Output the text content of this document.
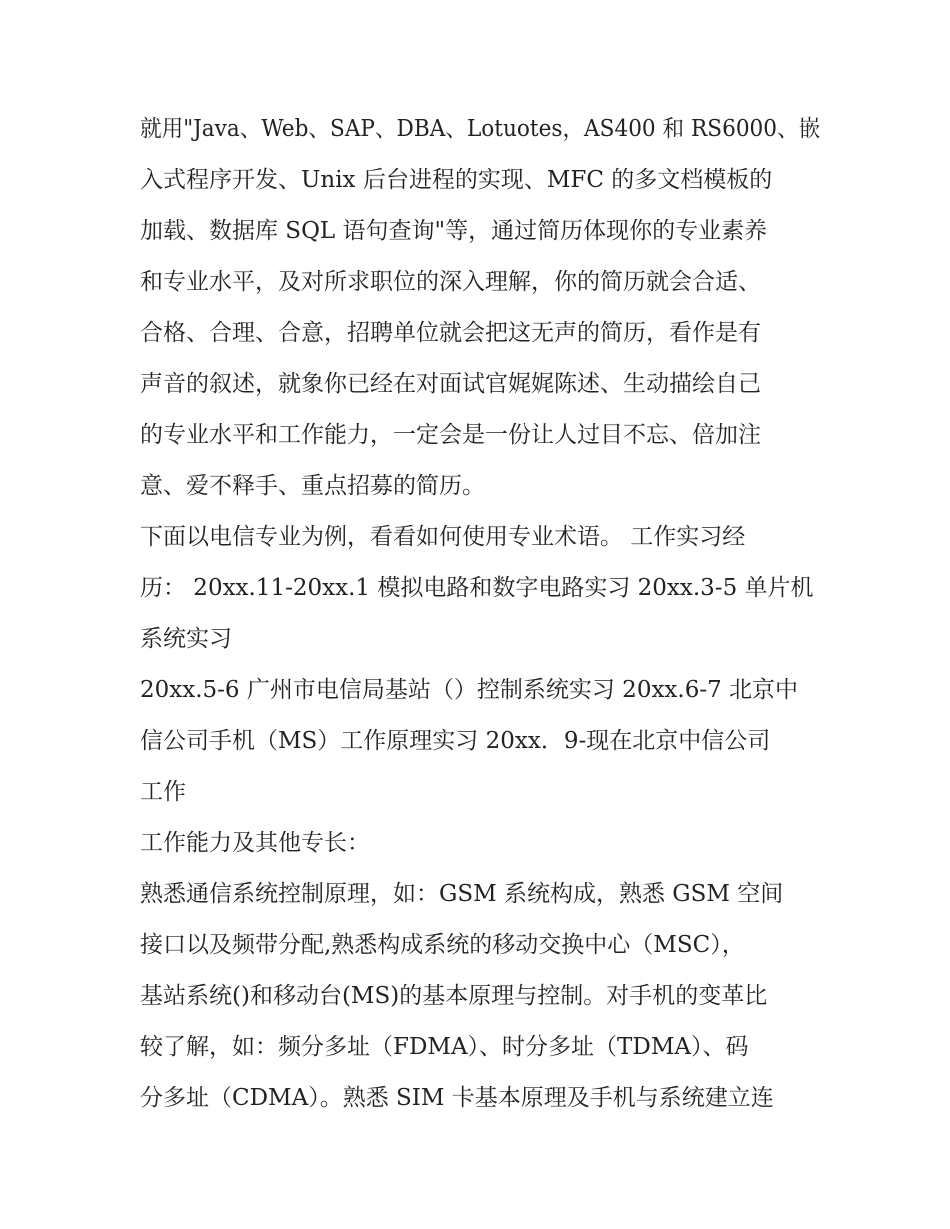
就用"Java、Web、SAP、DBA、Lotuotes，AS400 和 RS6000、嵌
入式程序开发、Unix 后台进程的实现、MFC 的多文档模板的
加载、数据库 SQL 语句查询"等，通过简历体现你的专业素养
和专业水平，及对所求职位的深入理解，你的简历就会合适、
合格、合理、合意，招聘单位就会把这无声的简历，看作是有
声音的叙述，就象你已经在对面试官娓娓陈述、生动描绘自己
的专业水平和工作能力，一定会是一份让人过目不忘、倍加注
意、爱不释手、重点招募的简历。
下面以电信专业为例，看看如何使用专业术语。 工作实习经
历： 20xx.11-20xx.1 模拟电路和数字电路实习 20xx.3-5 单片机
系统实习
20xx.5-6 广州市电信局基站（）控制系统实习 20xx.6-7 北京中
信公司手机（MS）工作原理实习 20xx．9-现在北京中信公司
工作
工作能力及其他专长：
熟悉通信系统控制原理，如：GSM 系统构成，熟悉 GSM 空间
接口以及频带分配,熟悉构成系统的移动交换中心（MSC），
基站系统()和移动台(MS)的基本原理与控制。对手机的变革比
较了解，如：频分多址（FDMA）、时分多址（TDMA）、码
分多址（CDMA）。熟悉 SIM 卡基本原理及手机与系统建立连
